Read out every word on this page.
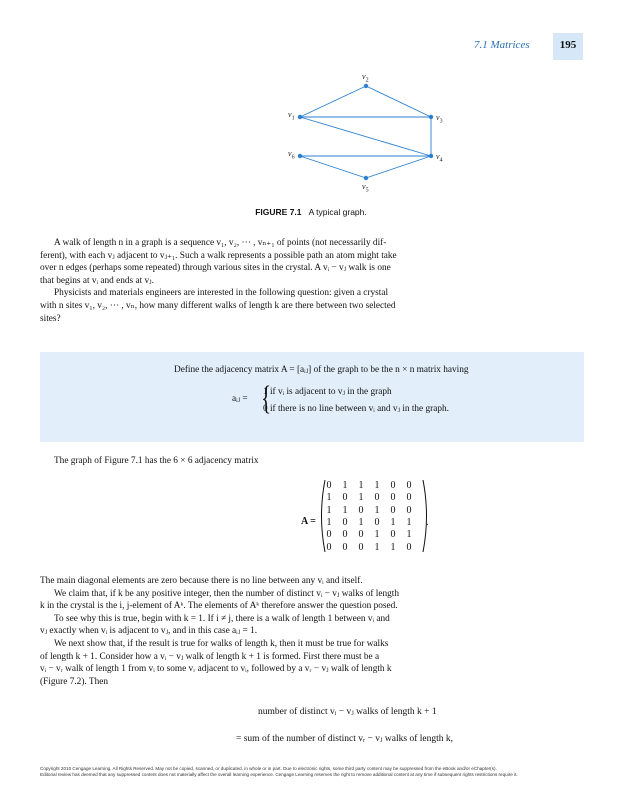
7.1 Matrices	195
$v_2$
$v_1$	$v_3$
$v_6$	$v_4$
$v_5$
FIGURE 7.1 A typical graph.

A walk of length n in a graph is a sequence v₁, v₂, ⋯ , vₙ₊₁ of points (not necessarily dif-

ferent), with each vⱼ adjacent to vⱼ₊₁. Such a walk represents a possible path an atom might take

over n edges (perhaps some repeated) through various sites in the crystal. A vᵢ − vⱼ walk is one

that begins at vᵢ and ends at vⱼ.

Physicists and materials engineers are interested in the following question: given a crystal

with n sites v₁, v₂, ⋯ , vₙ, how many different walks of length k are there between two selected

sites?

Define the adjacency matrix A = [aᵢⱼ] of the graph to be the n × n matrix having
aᵢⱼ = {
1 if vᵢ is adjacent to vⱼ in the graph
0 if there is no line between vᵢ and vⱼ in the graph.

The graph of Figure 7.1 has the 6 × 6 adjacency matrix

A =
0	1	1	1	0	0
1	0	1	0	0	0
1	1	0	1	0	0
1	0	1	0	1	1
0	0	0	1	0	1
0	0	0	1	1	0
.

The main diagonal elements are zero because there is no line between any vᵢ and itself.

We claim that, if k be any positive integer, then the number of distinct vᵢ − vⱼ walks of length

k in the crystal is the i, j-element of Aᵏ. The elements of Aᵏ therefore answer the question posed.

To see why this is true, begin with k = 1. If i ≠ j, there is a walk of length 1 between vᵢ and

vⱼ exactly when vᵢ is adjacent to vⱼ, and in this case aᵢⱼ = 1.

We next show that, if the result is true for walks of length k, then it must be true for walks

of length k + 1. Consider how a vᵢ − vⱼ walk of length k + 1 is formed. First there must be a

vᵢ − vᵣ walk of length 1 from vᵢ to some vᵣ adjacent to vᵢ, followed by a vᵣ − vⱼ walk of length k

(Figure 7.2). Then

number of distinct vᵢ − vⱼ walks of length k + 1
= sum of the number of distinct vᵣ − vⱼ walks of length k,
Copyright 2010 Cengage Learning. All Rights Reserved. May not be copied, scanned, or duplicated, in whole or in part. Due to electronic rights, some third party content may be suppressed from the eBook and/or eChapter(s).
Editorial review has deemed that any suppressed content does not materially affect the overall learning experience. Cengage Learning reserves the right to remove additional content at any time if subsequent rights restrictions require it.
